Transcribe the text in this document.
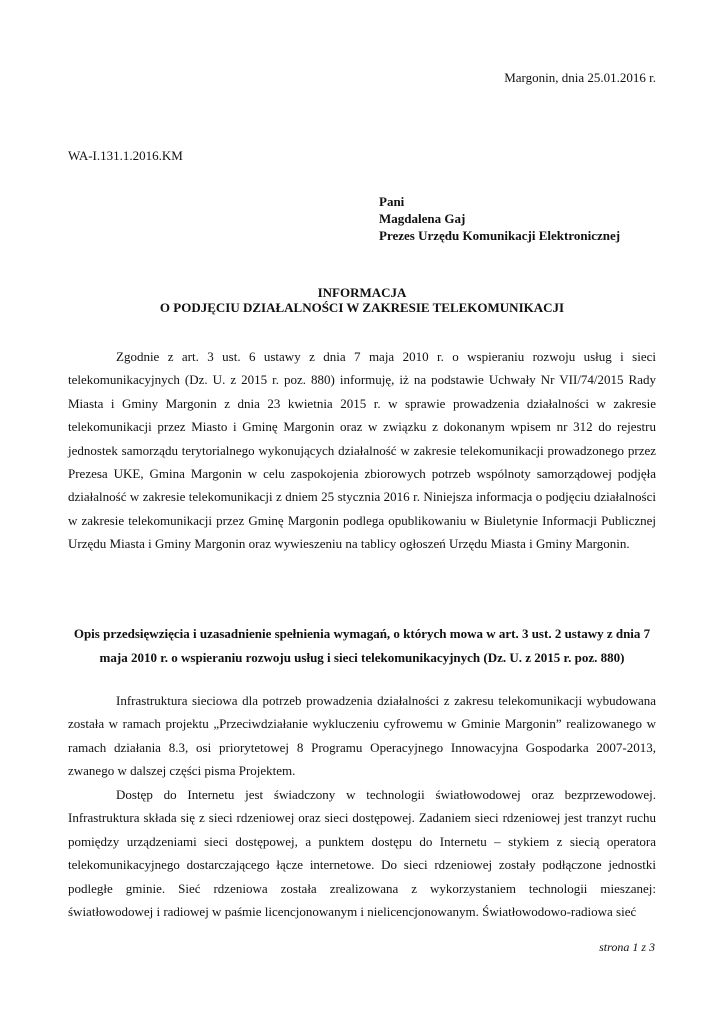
Margonin, dnia 25.01.2016 r.
WA-I.131.1.2016.KM
Pani
Magdalena Gaj
Prezes Urzędu Komunikacji Elektronicznej
INFORMACJA
O PODJĘCIU DZIAŁALNOŚCI W ZAKRESIE TELEKOMUNIKACJI

Zgodnie z art. 3 ust. 6 ustawy z dnia 7 maja 2010 r. o wspieraniu rozwoju usług i sieci telekomunikacyjnych (Dz. U. z 2015 r. poz. 880) informuję, iż na podstawie Uchwały Nr VII/74/2015 Rady Miasta i Gminy Margonin z dnia 23 kwietnia 2015 r. w sprawie prowadzenia działalności w zakresie telekomunikacji przez Miasto i Gminę Margonin oraz w związku z dokonanym wpisem nr 312 do rejestru jednostek samorządu terytorialnego wykonujących działalność w zakresie telekomunikacji prowadzonego przez Prezesa UKE, Gmina Margonin w celu zaspokojenia zbiorowych potrzeb wspólnoty samorządowej podjęła działalność w zakresie telekomunikacji z dniem 25 stycznia 2016 r. Niniejsza informacja o podjęciu działalności w zakresie telekomunikacji przez Gminę Margonin podlega opublikowaniu w Biuletynie Informacji Publicznej Urzędu Miasta i Gminy Margonin oraz wywieszeniu na tablicy ogłoszeń Urzędu Miasta i Gminy Margonin.

Opis przedsięwzięcia i uzasadnienie spełnienia wymagań, o których mowa w art. 3 ust. 2 ustawy z dnia 7 maja 2010 r. o wspieraniu rozwoju usług i sieci telekomunikacyjnych (Dz. U. z 2015 r. poz. 880)

Infrastruktura sieciowa dla potrzeb prowadzenia działalności z zakresu telekomunikacji wybudowana została w ramach projektu „Przeciwdziałanie wykluczeniu cyfrowemu w Gminie Margonin” realizowanego w ramach działania 8.3, osi priorytetowej 8 Programu Operacyjnego Innowacyjna Gospodarka 2007-2013, zwanego w dalszej części pisma Projektem.

Dostęp do Internetu jest świadczony w technologii światłowodowej oraz bezprzewodowej. Infrastruktura składa się z sieci rdzeniowej oraz sieci dostępowej. Zadaniem sieci rdzeniowej jest tranzyt ruchu pomiędzy urządzeniami sieci dostępowej, a punktem dostępu do Internetu – stykiem z siecią operatora telekomunikacyjnego dostarczającego łącze internetowe. Do sieci rdzeniowej zostały podłączone jednostki podległe gminie. Sieć rdzeniowa została zrealizowana z wykorzystaniem technologii mieszanej: światłowodowej i radiowej w paśmie licencjonowanym i nielicencjonowanym. Światłowodowo-radiowa sieć

strona 1 z 3
